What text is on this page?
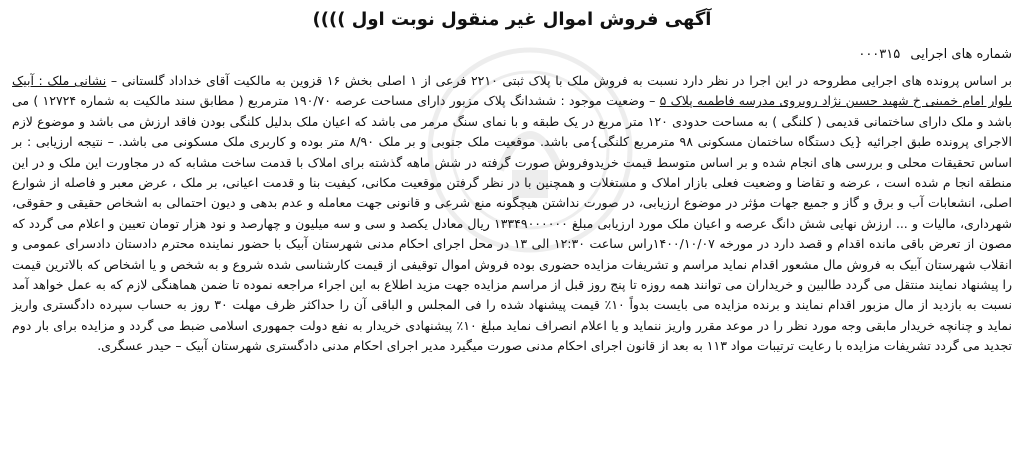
آگهی فروش اموال غیر منقول نوبت اول ))))
شماره های اجرایی ۰۰۰۳۱۵

بر اساس پرونده های اجرایی مطروحه در این اجرا در نظر دارد نسبت به فروش ملک با پلاک ثبتی ۲۲۱۰ فرعی از ۱ اصلی بخش ۱۶ قزوین به مالکیت آقای خداداد گلستانی – نشانی ملک : آبیک بلوار امام خمینی خ شهید حسین نژاد روبروی مدرسه فاطمیه پلاک ۵ – وضعیت موجود : ششدانگ پلاک مزبور دارای مساحت عرصه ۱۹۰/۷۰ مترمربع ( مطابق سند مالکیت به شماره ۱۲۷۲۴ ) می باشد و ملک دارای ساختمانی قدیمی ( کلنگی ) به مساحت حدودی ۱۲۰ متر مربع در یک طبقه و با نمای سنگ مرمر می باشد که اعیان ملک بدلیل کلنگی بودن فاقد ارزش می باشد و موضوع لازم الاجرای پرونده طبق اجرائیه {یک دستگاه ساختمان مسکونی ۹۸ مترمربع کلنگی}می باشد. موقعیت ملک جنوبی و بر ملک ۸/۹۰ متر بوده و کاربری ملک مسکونی می باشد. – نتیجه ارزیابی : بر اساس تحقیقات محلی و بررسی های انجام شده و بر اساس متوسط قیمت خریدوفروش صورت گرفته در شش ماهه گذشته برای املاک با قدمت ساخت مشابه که در مجاورت این ملک و در این منطقه انجا م شده است ، عرضه و تقاضا و وضعیت فعلی بازار املاک و مستغلات و همچنین با در نظر گرفتن موقعیت مکانی، کیفیت بنا و قدمت اعیانی، بر ملک ، عرض معبر و فاصله از شوارع اصلی، انشعابات آب و برق و گاز و جمیع جهات مؤثر در موضوع ارزیابی، در صورت نداشتن هیچگونه منع شرعی و قانونی جهت معامله و عدم بدهی و دیون احتمالی به اشخاص حقیقی و حقوقی، شهرداری، مالیات و ... ارزش نهایی شش دانگ عرصه و اعیان ملک مورد ارزیابی مبلغ ۱۳۳۴۹۰۰۰۰۰۰ ریال معادل یکصد و سی و سه میلیون و چهارصد و نود هزار تومان تعیین و اعلام می گردد که مصون از تعرض باقی مانده اقدام و قصد دارد در مورخه ۱۴۰۰/۱۰/۰۷راس ساعت ۱۲:۳۰ الی ۱۳ در محل اجرای احکام مدنی شهرستان آبیک با حضور نماینده محترم دادستان دادسرای عمومی و انقلاب شهرستان آبیک به فروش مال مشعور اقدام نماید مراسم و تشریفات مزایده حضوری بوده فروش اموال توقیفی از قیمت کارشناسی شده شروع و به شخص و یا اشخاص که بالاترین قیمت را پیشنهاد نمایند منتقل می گردد طالبین و خریداران می توانند همه روزه تا پنج روز قبل از مراسم مزایده جهت مزید اطلاع به این اجراء مراجعه نموده تا ضمن هماهنگی لازم که به عمل خواهد آمد نسبت به بازدید از مال مزبور اقدام نمایند و برنده مزایده می بایست بدواً ۱۰٪ قیمت پیشنهاد شده را فی المجلس و الباقی آن را حداکثر ظرف مهلت ۳۰ روز به حساب سپرده دادگستری واریز نماید و چنانچه خریدار مابقی وجه مورد نظر را در موعد مقرر واریز ننماید و یا اعلام انصراف نماید مبلغ ۱۰٪ پیشنهادی خریدار به نفع دولت جمهوری اسلامی ضبط می گردد و مزایده برای بار دوم تجدید می گردد تشریفات مزایده با رعایت ترتیبات مواد ۱۱۳ به بعد از قانون اجرای احکام مدنی صورت میگیرد مدیر اجرای احکام مدنی دادگستری شهرستان آبیک – حیدر عسگری.
